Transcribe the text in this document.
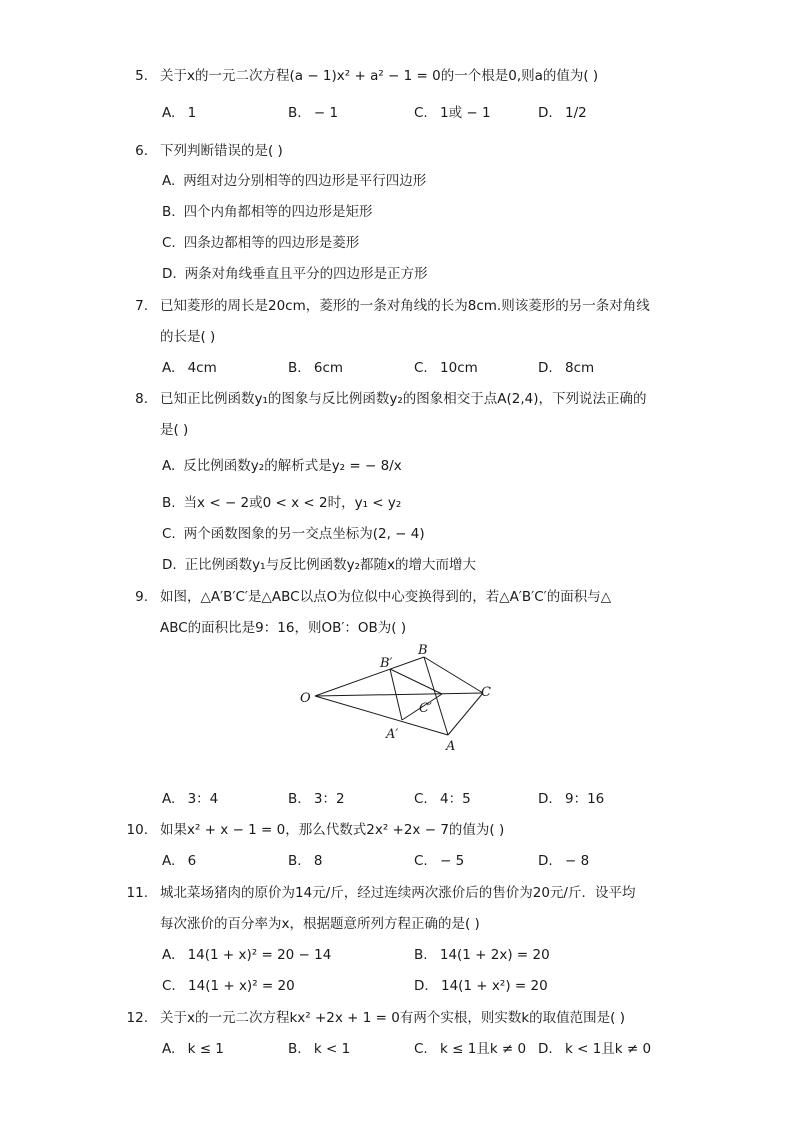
5. 关于x的一元二次方程(a − 1)x² + a² − 1 = 0的一个根是0,则a的值为( )
A. 1	B. − 1	C. 1或 − 1	D. 1/2
6. 下列判断错误的是( )
A. 两组对边分别相等的四边形是平行四边形
B. 四个内角都相等的四边形是矩形
C. 四条边都相等的四边形是菱形
D. 两条对角线垂直且平分的四边形是正方形
7. 已知菱形的周长是20cm，菱形的一条对角线的长为8cm.则该菱形的另一条对角线
的长是( )
A. 4cm	B. 6cm	C. 10cm	D. 8cm
8. 已知正比例函数y₁的图象与反比例函数y₂的图象相交于点A(2,4)，下列说法正确的
是( )
A. 反比例函数y₂的解析式是y₂ = − 8/x
B. 当x < − 2或0 < x < 2时，y₁ < y₂
C. 两个函数图象的另一交点坐标为(2, − 4)
D. 正比例函数y₁与反比例函数y₂都随x的增大而增大
9. 如图，△A′B′C′是△ABC以点O为位似中心变换得到的，若△A′B′C′的面积与△
ABC的面积比是9：16，则OB′：OB为( )
O
B
C
A
B′
C′
A′
A. 3：4	B. 3：2	C. 4：5	D. 9：16
10. 如果x² + x − 1 = 0，那么代数式2x² +2x − 7的值为( )
A. 6	B. 8	C. − 5	D. − 8
11. 城北菜场猪肉的原价为14元/斤，经过连续两次涨价后的售价为20元/斤．设平均
每次涨价的百分率为x，根据题意所列方程正确的是( )
A. 14(1 + x)² = 20 − 14	B. 14(1 + 2x) = 20
C. 14(1 + x)² = 20	D. 14(1 + x²) = 20
12. 关于x的一元二次方程kx² +2x + 1 = 0有两个实根，则实数k的取值范围是( )
A. k ≤ 1	B. k < 1	C. k ≤ 1且k ≠ 0 D. k < 1且k ≠ 0
